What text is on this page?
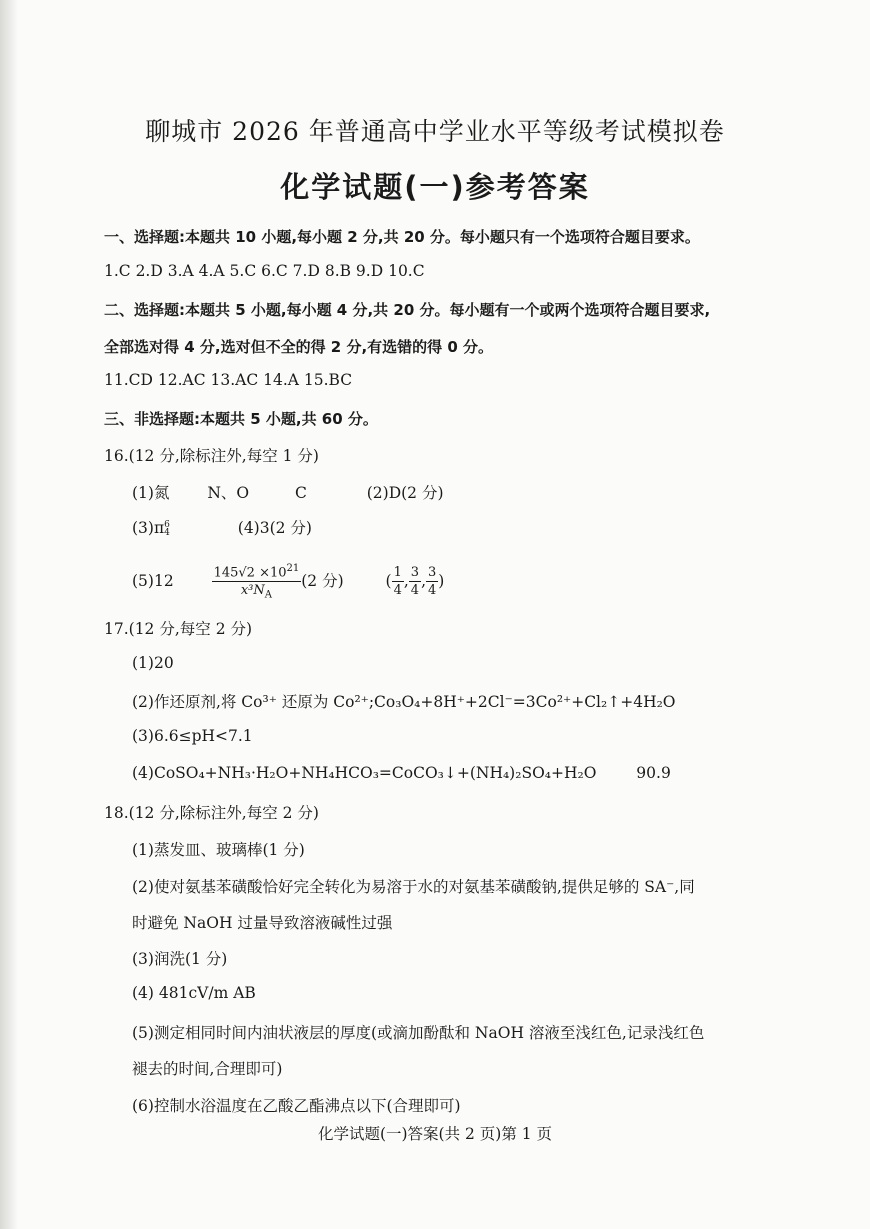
聊城市 2026 年普通高中学业水平等级考试模拟卷
化学试题(一)参考答案
一、选择题:本题共 10 小题,每小题 2 分,共 20 分。每小题只有一个选项符合题目要求。
1.C 2.D 3.A 4.A 5.C 6.C 7.D 8.B 9.D 10.C
二、选择题:本题共 5 小题,每小题 4 分,共 20 分。每小题有一个或两个选项符合题目要求,
全部选对得 4 分,选对但不全的得 2 分,有选错的得 0 分。
11.CD 12.AC 13.AC 14.A 15.BC
三、非选择题:本题共 5 小题,共 60 分。
16.(12 分,除标注外,每空 1 分)
(1)氮 N、O	C	(2)D(2 分)
(3)π 6
4	(4)3(2 分)
(5)12	$\frac{145√2 \times 10^{21}}{x^3N_A} (2$ 分)	( $\frac{1}{4}$ , $\frac{3}{4}$ , $\frac{3}{4}$ )
17.(12 分,每空 2 分)
(1)20
(2)作还原剂,将 Co³⁺ 还原为 Co²⁺;Co₃O₄+8H⁺+2Cl⁻=3Co²⁺+Cl₂↑+4H₂O
(3)6.6≤pH<7.1
(4)CoSO₄+NH₃·H₂O+NH₄HCO₃=CoCO₃↓+(NH₄)₂SO₄+H₂O	90.9
18.(12 分,除标注外,每空 2 分)
(1)蒸发皿、玻璃棒(1 分)
(2)使对氨基苯磺酸恰好完全转化为易溶于水的对氨基苯磺酸钠,提供足够的 SA⁻,同
时避免 NaOH 过量导致溶液碱性过强
(3)润洗(1 分)
(4) 481cV/m AB
(5)测定相同时间内油状液层的厚度(或滴加酚酞和 NaOH 溶液至浅红色,记录浅红色
褪去的时间,合理即可)
(6)控制水浴温度在乙酸乙酯沸点以下(合理即可)
化学试题(一)答案(共 2 页)第 1 页
